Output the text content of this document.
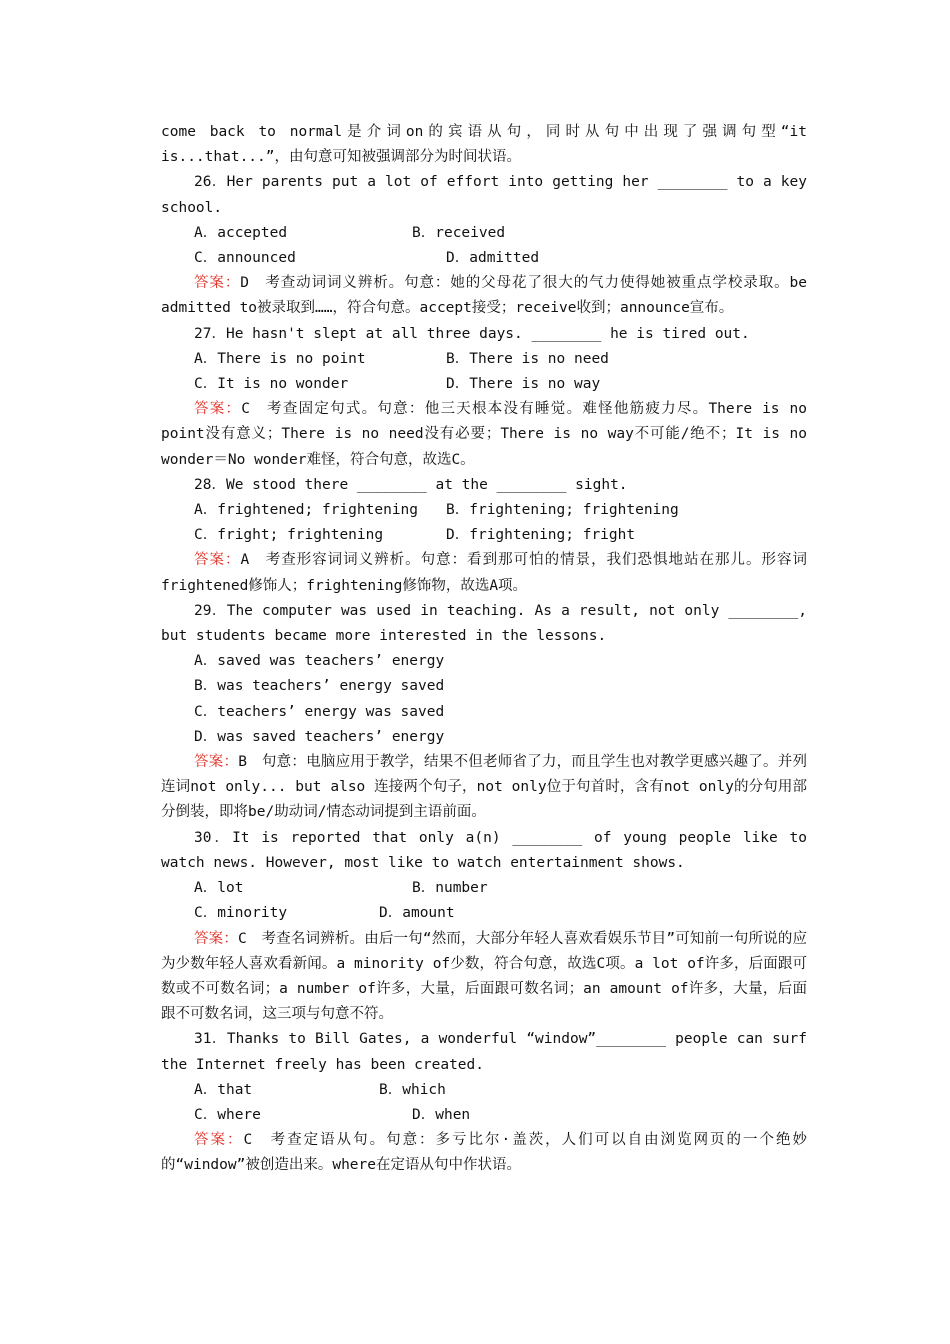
come back to normal是介词on的宾语从句，同时从句中出现了强调句型“it is...that...”，由句意可知被强调部分为时间状语。

26．Her parents put a lot of effort into getting her ________ to a key school.

A．accepted	B．received
C．announced	D．admitted

答案：D　考查动词词义辨析。句意：她的父母花了很大的气力使得她被重点学校录取。be admitted to被录取到……，符合句意。accept接受；receive收到；announce宣布。

27．He hasn't slept at all three days. ________ he is tired out.

A．There is no point	B．There is no need
C．It is no wonder	D．There is no way

答案：C　考查固定句式。句意：他三天根本没有睡觉。难怪他筋疲力尽。There is no point没有意义；There is no need没有必要；There is no way不可能/绝不；It is no wonder＝No wonder难怪，符合句意，故选C。

28．We stood there ________ at the ________ sight.

A．frightened; frightening	B．frightening; frightening
C．fright; frightening	D．frightening; fright

答案：A　考查形容词词义辨析。句意：看到那可怕的情景，我们恐惧地站在那儿。形容词frightened修饰人；frightening修饰物，故选A项。

29．The computer was used in teaching. As a result, not only ________, but students became more interested in the lessons.

A．saved was teachers’ energy
B．was teachers’ energy saved
C．teachers’ energy was saved
D．was saved teachers’ energy

答案：B　句意：电脑应用于教学，结果不但老师省了力，而且学生也对教学更感兴趣了。并列连词not only... but also 连接两个句子，not only位于句首时，含有not only的分句用部分倒装，即将be/助动词/情态动词提到主语前面。

30．It is reported that only a(n) ________ of young people like to watch news. However, most like to watch entertainment shows.

A．lot	B．number
C．minority	D．amount

答案：C　考查名词辨析。由后一句“然而，大部分年轻人喜欢看娱乐节目”可知前一句所说的应为少数年轻人喜欢看新闻。a minority of少数，符合句意，故选C项。a lot of许多，后面跟可数或不可数名词；a number of许多，大量，后面跟可数名词；an amount of许多，大量，后面跟不可数名词，这三项与句意不符。

31．Thanks to Bill Gates, a wonderful “window”________ people can surf the Internet freely has been created.

A．that	B．which
C．where	D．when

答案：C　考查定语从句。句意：多亏比尔·盖茨，人们可以自由浏览网页的一个绝妙的“window”被创造出来。where在定语从句中作状语。
